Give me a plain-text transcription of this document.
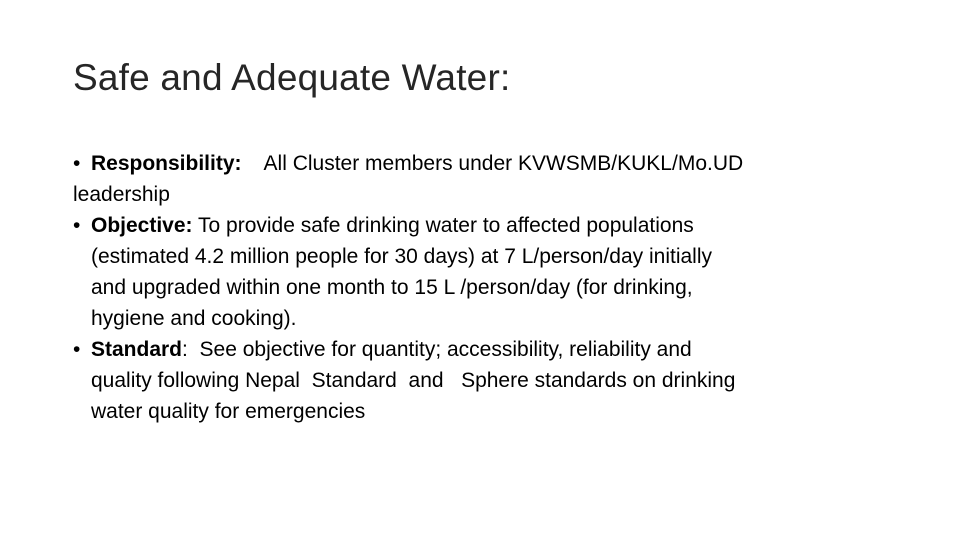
Safe and Adequate Water:
• Responsibility: All Cluster members under KVWSMB/KUKL/Mo.UD
leadership
• Objective: To provide safe drinking water to affected populations
(estimated 4.2 million people for 30 days) at 7 L/person/day initially
and upgraded within one month to 15 L /person/day (for drinking,
hygiene and cooking).
• Standard:  See objective for quantity; accessibility, reliability and
quality following Nepal  Standard  and   Sphere standards on drinking
water quality for emergencies
